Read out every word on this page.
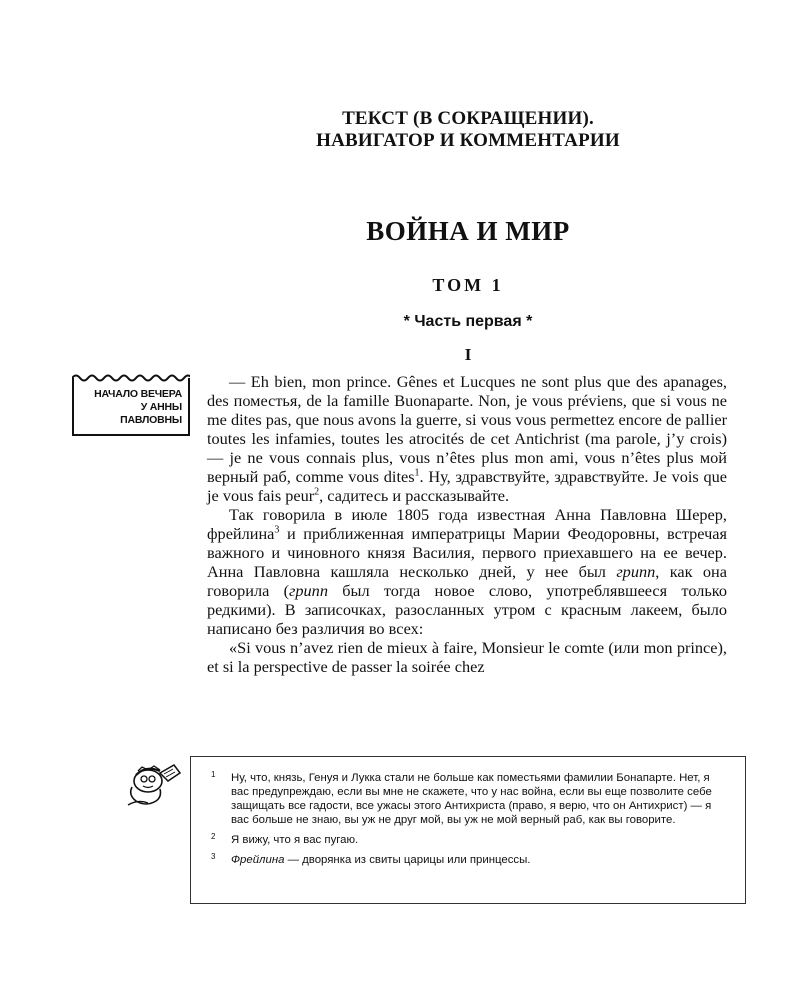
ТЕКСТ (В СОКРАЩЕНИИ).
НАВИГАТОР И КОММЕНТАРИИ
ВОЙНА И МИР
ТОМ 1
* Часть первая *
I
НАЧАЛО ВЕЧЕРА
У АННЫ
ПАВЛОВНЫ

— Eh bien, mon prince. Gênes et Lucques ne sont plus que des apanages, des поместья, de la famille Buonaparte. Non, je vous préviens, que si vous ne me dites pas, que nous avons la guerre, si vous vous permettez encore de pallier toutes les infamies, toutes les atrocités de cet Antichrist (ma parole, j’y crois) — je ne vous connais plus, vous n’êtes plus mon ami, vous n’êtes plus мой верный раб, comme vous dites$^1$. Ну, здравствуйте, здравствуйте. Je vois que je vous fais peur$^2$, садитесь и рассказывайте.

Так говорила в июле 1805 года известная Анна Павловна Шерер, фрейлина$^3$ и приближенная императрицы Марии Феодоровны, встречая важного и чиновного князя Василия, первого приехавшего на ее вечер. Анна Павловна кашляла несколько дней, у нее был грипп, как она говорила (грипп был тогда новое слово, употреблявшееся только редкими). В записочках, разосланных утром с красным лакеем, было написано без различия во всех:

«Si vous n’avez rien de mieux à faire, Monsieur le comte (или mon prince), et si la perspective de passer la soirée chez

1 Ну, что, князь, Генуя и Лукка стали не больше как поместьями фамилии Бонапарте. Нет, я вас предупреждаю, если вы мне не скажете, что у нас война, если вы еще позволите себе защищать все гадости, все ужасы этого Антихриста (право, я верю, что он Антихрист) — я вас больше не знаю, вы уж не друг мой, вы уж не мой верный раб, как вы говорите.
2 Я вижу, что я вас пугаю.
3 Фрейлина — дворянка из свиты царицы или принцессы.
